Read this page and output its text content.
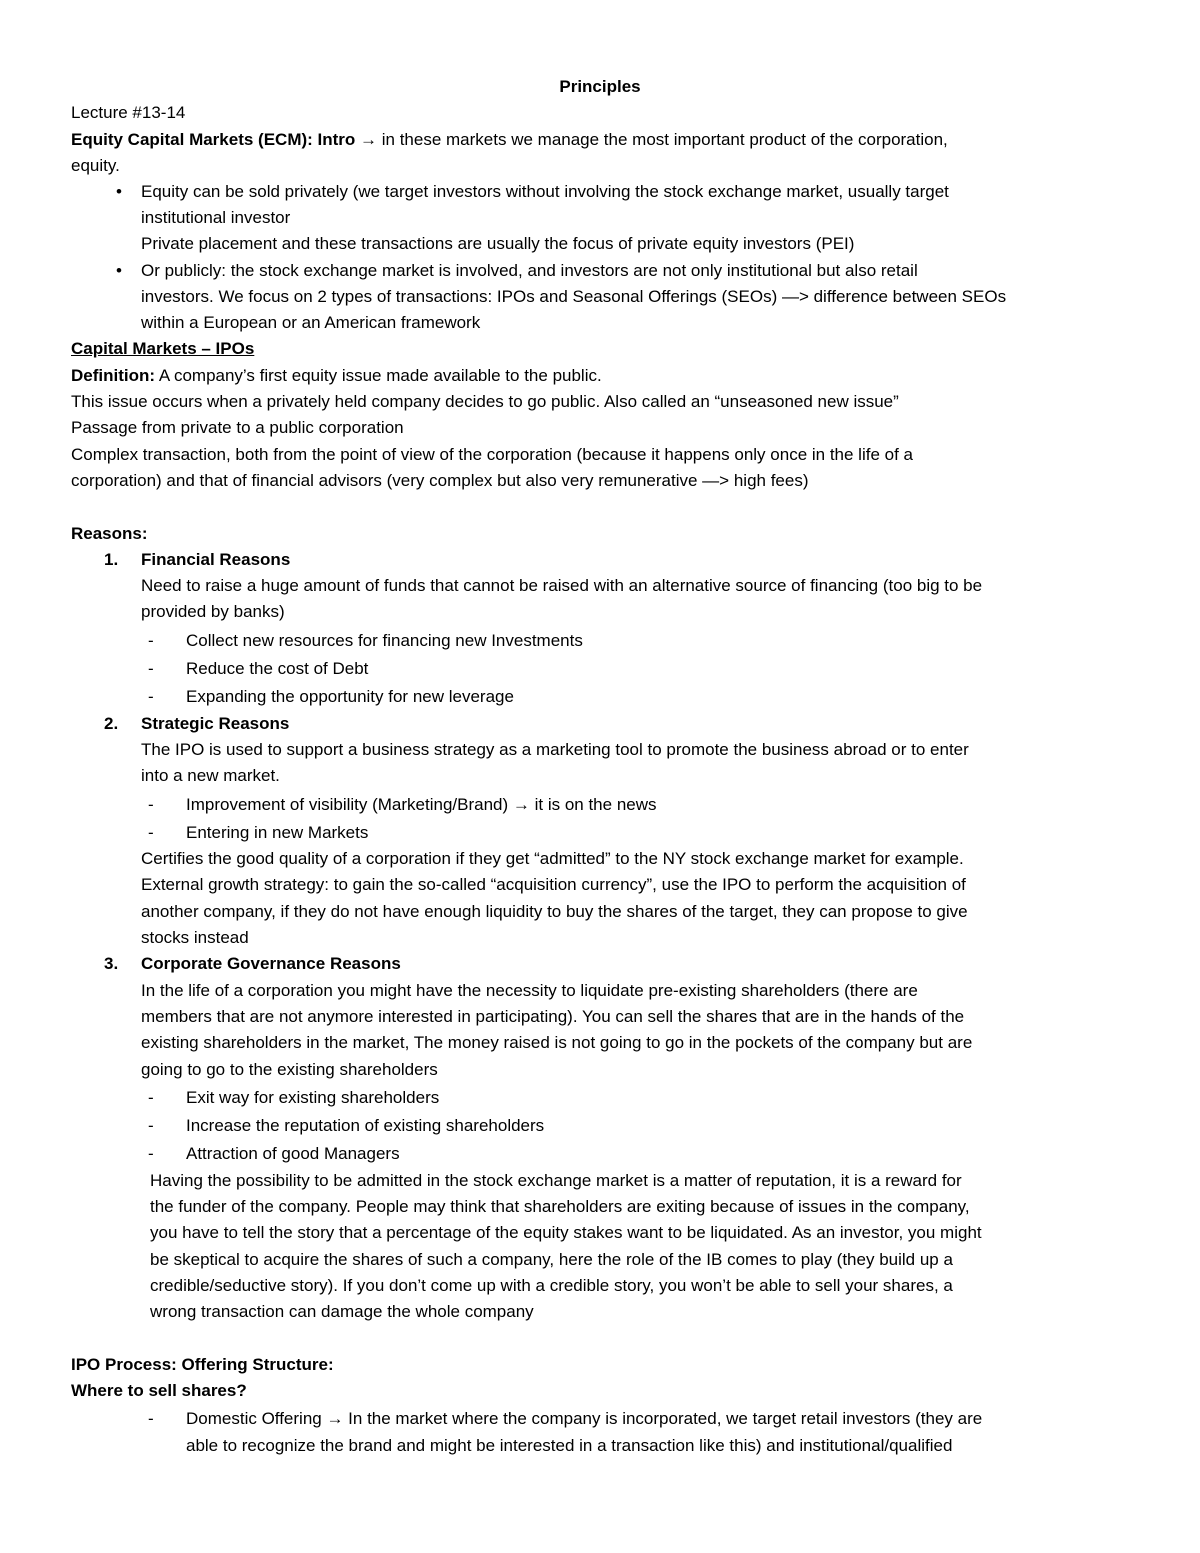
Principles
Lecture #13-14
Equity Capital Markets (ECM): Intro → in these markets we manage the most important product of the corporation,
equity.
• Equity can be sold privately (we target investors without involving the stock exchange market, usually target
institutional investor
Private placement and these transactions are usually the focus of private equity investors (PEI)
• Or publicly: the stock exchange market is involved, and investors are not only institutional but also retail
investors. We focus on 2 types of transactions: IPOs and Seasonal Offerings (SEOs) —> difference between SEOs
within a European or an American framework
Capital Markets – IPOs
Definition: A company’s first equity issue made available to the public.
This issue occurs when a privately held company decides to go public. Also called an “unseasoned new issue”
Passage from private to a public corporation
Complex transaction, both from the point of view of the corporation (because it happens only once in the life of a
corporation) and that of financial advisors (very complex but also very remunerative —> high fees)
Reasons:
1. Financial Reasons
Need to raise a huge amount of funds that cannot be raised with an alternative source of financing (too big to be
provided by banks)
- Collect new resources for financing new Investments
- Reduce the cost of Debt
- Expanding the opportunity for new leverage
2. Strategic Reasons
The IPO is used to support a business strategy as a marketing tool to promote the business abroad or to enter
into a new market.
- Improvement of visibility (Marketing/Brand) → it is on the news
- Entering in new Markets
Certifies the good quality of a corporation if they get “admitted” to the NY stock exchange market for example.
External growth strategy: to gain the so-called “acquisition currency”, use the IPO to perform the acquisition of
another company, if they do not have enough liquidity to buy the shares of the target, they can propose to give
stocks instead
3. Corporate Governance Reasons
In the life of a corporation you might have the necessity to liquidate pre-existing shareholders (there are
members that are not anymore interested in participating). You can sell the shares that are in the hands of the
existing shareholders in the market, The money raised is not going to go in the pockets of the company but are
going to go to the existing shareholders
- Exit way for existing shareholders
- Increase the reputation of existing shareholders
- Attraction of good Managers
Having the possibility to be admitted in the stock exchange market is a matter of reputation, it is a reward for
the funder of the company. People may think that shareholders are exiting because of issues in the company,
you have to tell the story that a percentage of the equity stakes want to be liquidated. As an investor, you might
be skeptical to acquire the shares of such a company, here the role of the IB comes to play (they build up a
credible/seductive story). If you don’t come up with a credible story, you won’t be able to sell your shares, a
wrong transaction can damage the whole company
IPO Process: Offering Structure:
Where to sell shares?
- Domestic Offering → In the market where the company is incorporated, we target retail investors (they are
able to recognize the brand and might be interested in a transaction like this) and institutional/qualified
